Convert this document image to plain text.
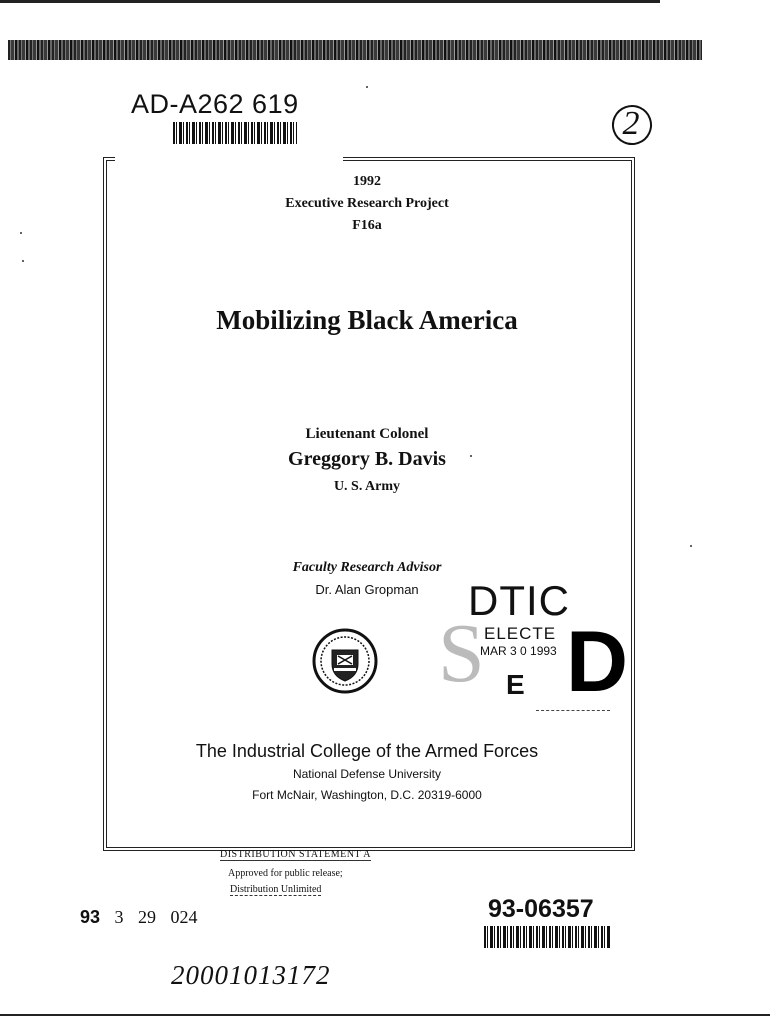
AD-A262 619
2
1992
Executive Research Project
F16a
Mobilizing Black America
Lieutenant Colonel
Greggory B. Davis
U. S. Army
Faculty Research Advisor
Dr. Alan Gropman
S
DTIC
ELECTE
MAR 3 0 1993 D
E
The Industrial College of the Armed Forces
National Defense University
Fort McNair, Washington, D.C. 20319-6000
DISTRIBUTION STATEMENT A
Approved for public release;
Distribution Unlimited
93 3 29 024	93-06357
20001013172
